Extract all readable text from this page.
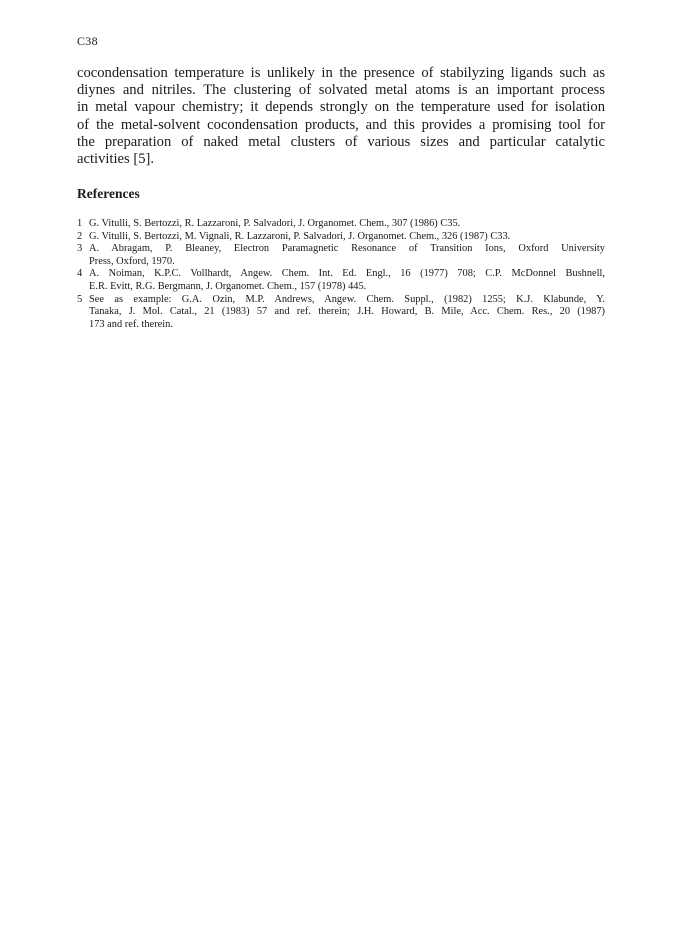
C38

cocondensation temperature is unlikely in the presence of stabilyzing ligands such as
diynes and nitriles. The clustering of solvated metal atoms is an important process
in metal vapour chemistry; it depends strongly on the temperature used for isolation
of the metal-solvent cocondensation products, and this provides a promising tool for
the preparation of naked metal clusters of various sizes and particular catalytic
activities [5].

References
1 G. Vitulli, S. Bertozzi, R. Lazzaroni, P. Salvadori, J. Organomet. Chem., 307 (1986) C35.
2 G. Vitulli, S. Bertozzi, M. Vignali, R. Lazzaroni, P. Salvadori, J. Organomet. Chem., 326 (1987) C33.
3 A. Abragam, P. Bleaney, Electron Paramagnetic Resonance of Transition Ions, Oxford University
Press, Oxford, 1970.
4 A. Noiman, K.P.C. Vollhardt, Angew. Chem. Int. Ed. Engl., 16 (1977) 708; C.P. McDonnel Bushnell,
E.R. Evitt, R.G. Bergmann, J. Organomet. Chem., 157 (1978) 445.
5 See as example: G.A. Ozin, M.P. Andrews, Angew. Chem. Suppl., (1982) 1255; K.J. Klabunde, Y.
Tanaka, J. Mol. Catal., 21 (1983) 57 and ref. therein; J.H. Howard, B. Mile, Acc. Chem. Res., 20 (1987)
173 and ref. therein.
